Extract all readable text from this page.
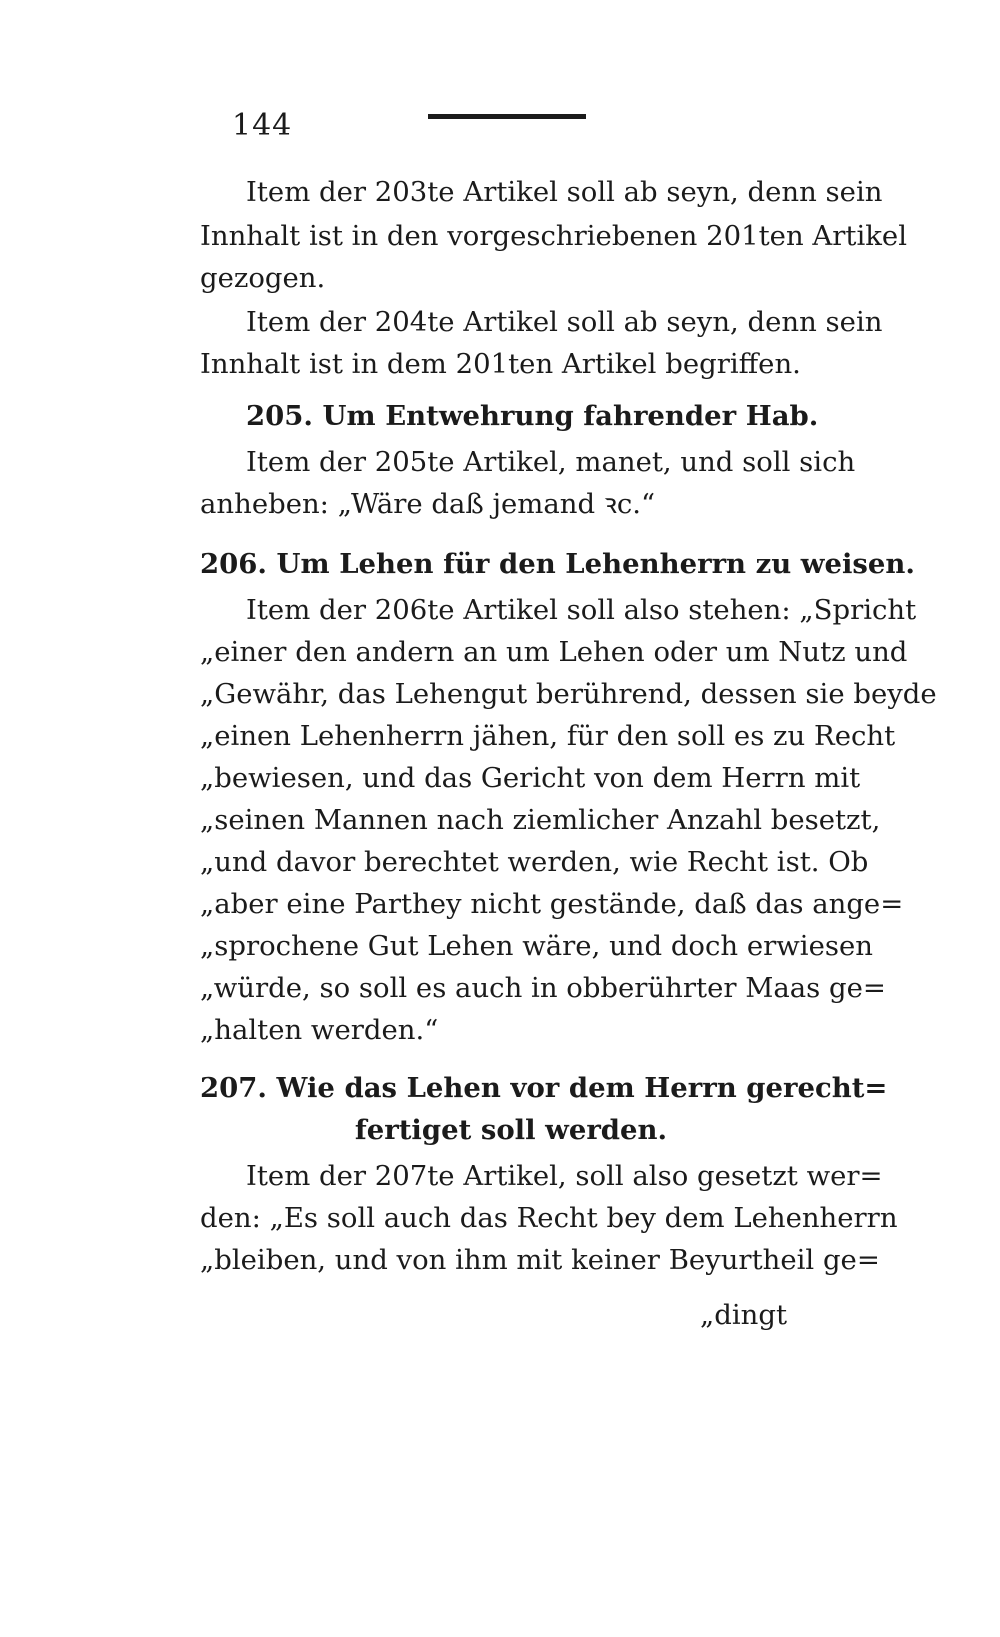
144
Item der 203te Artikel soll ab seyn, denn sein
Innhalt ist in den vorgeschriebenen 201ten Artikel
gezogen.
Item der 204te Artikel soll ab seyn, denn sein
Innhalt ist in dem 201ten Artikel begriffen.
205. Um Entwehrung fahrender Hab.
Item der 205te Artikel, manet, und soll sich
anheben: „Wäre daß jemand ꝛc.“
206. Um Lehen für den Lehenherrn zu weisen.
Item der 206te Artikel soll also stehen: „Spricht
„einer den andern an um Lehen oder um Nutz und
„Gewähr, das Lehengut berührend, dessen sie beyde
„einen Lehenherrn jähen, für den soll es zu Recht
„bewiesen, und das Gericht von dem Herrn mit
„seinen Mannen nach ziemlicher Anzahl besetzt,
„und davor berechtet werden, wie Recht ist. Ob
„aber eine Parthey nicht gestände, daß das ange=
„sprochene Gut Lehen wäre, und doch erwiesen
„würde, so soll es auch in obberührter Maas ge=
„halten werden.“
207. Wie das Lehen vor dem Herrn gerecht=
fertiget soll werden.
Item der 207te Artikel, soll also gesetzt wer=
den: „Es soll auch das Recht bey dem Lehenherrn
„bleiben, und von ihm mit keiner Beyurtheil ge=
„dingt
